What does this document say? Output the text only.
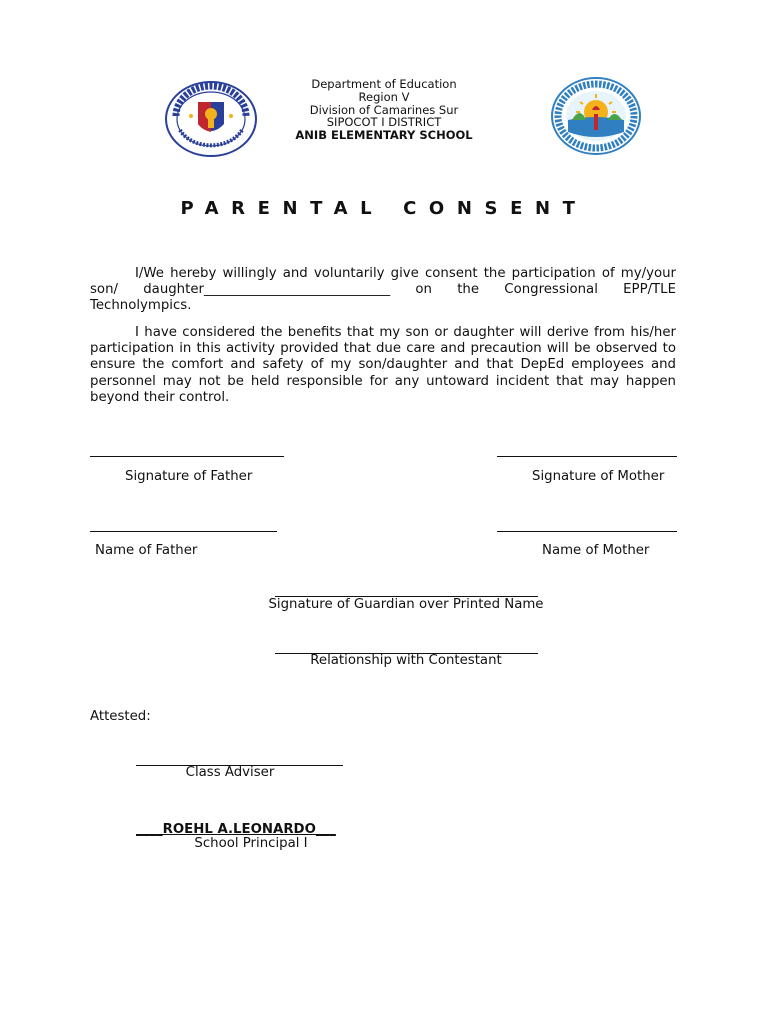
Department of Education
Region V
Division of Camarines Sur
SIPOCOT I DISTRICT
ANIB ELEMENTARY SCHOOL
PARENTAL CONSENT

I/We hereby willingly and voluntarily give consent the participation of my/your son/ daughter____________________________ on the Congressional EPP/TLE Technolympics.

I have considered the benefits that my son or daughter will derive from his/her participation in this activity provided that due care and precaution will be observed to ensure the comfort and safety of my son/daughter and that DepEd employees and personnel may not be held responsible for any untoward incident that may happen beyond their control.

Signature of Father	Signature of Mother
Name of Father	Name of Mother
Signature of Guardian over Printed Name
Relationship with Contestant
Attested:
Class Adviser
____ROEHL A.LEONARDO___
School Principal I
